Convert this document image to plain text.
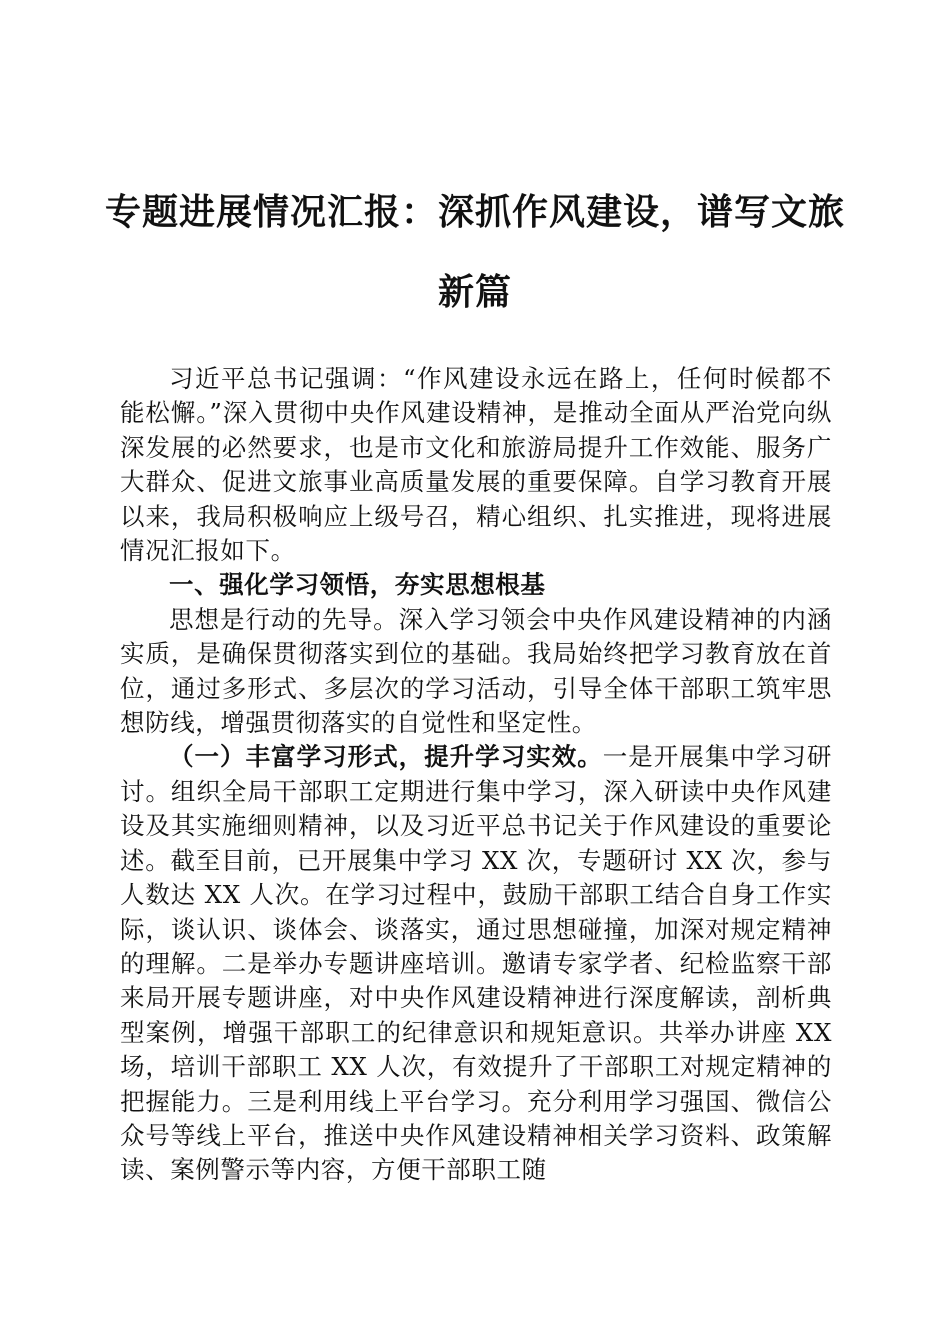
专题进展情况汇报：深抓作风建设，谱写文旅新篇

习近平总书记强调：“作风建设永远在路上，任何时候都不能松懈。”深入贯彻中央作风建设精神，是推动全面从严治党向纵深发展的必然要求，也是市文化和旅游局提升工作效能、服务广大群众、促进文旅事业高质量发展的重要保障。自学习教育开展以来，我局积极响应上级号召，精心组织、扎实推进，现将进展情况汇报如下。

一、强化学习领悟，夯实思想根基

思想是行动的先导。深入学习领会中央作风建设精神的内涵实质，是确保贯彻落实到位的基础。我局始终把学习教育放在首位，通过多形式、多层次的学习活动，引导全体干部职工筑牢思想防线，增强贯彻落实的自觉性和坚定性。

（一）丰富学习形式，提升学习实效。一是开展集中学习研讨。组织全局干部职工定期进行集中学习，深入研读中央作风建设及其实施细则精神，以及习近平总书记关于作风建设的重要论述。截至目前，已开展集中学习 XX 次，专题研讨 XX 次，参与人数达 XX 人次。在学习过程中，鼓励干部职工结合自身工作实际，谈认识、谈体会、谈落实，通过思想碰撞，加深对规定精神的理解。二是举办专题讲座培训。邀请专家学者、纪检监察干部来局开展专题讲座，对中央作风建设精神进行深度解读，剖析典型案例，增强干部职工的纪律意识和规矩意识。共举办讲座 XX 场，培训干部职工 XX 人次，有效提升了干部职工对规定精神的把握能力。三是利用线上平台学习。充分利用学习强国、微信公众号等线上平台，推送中央作风建设精神相关学习资料、政策解读、案例警示等内容，方便干部职工随
